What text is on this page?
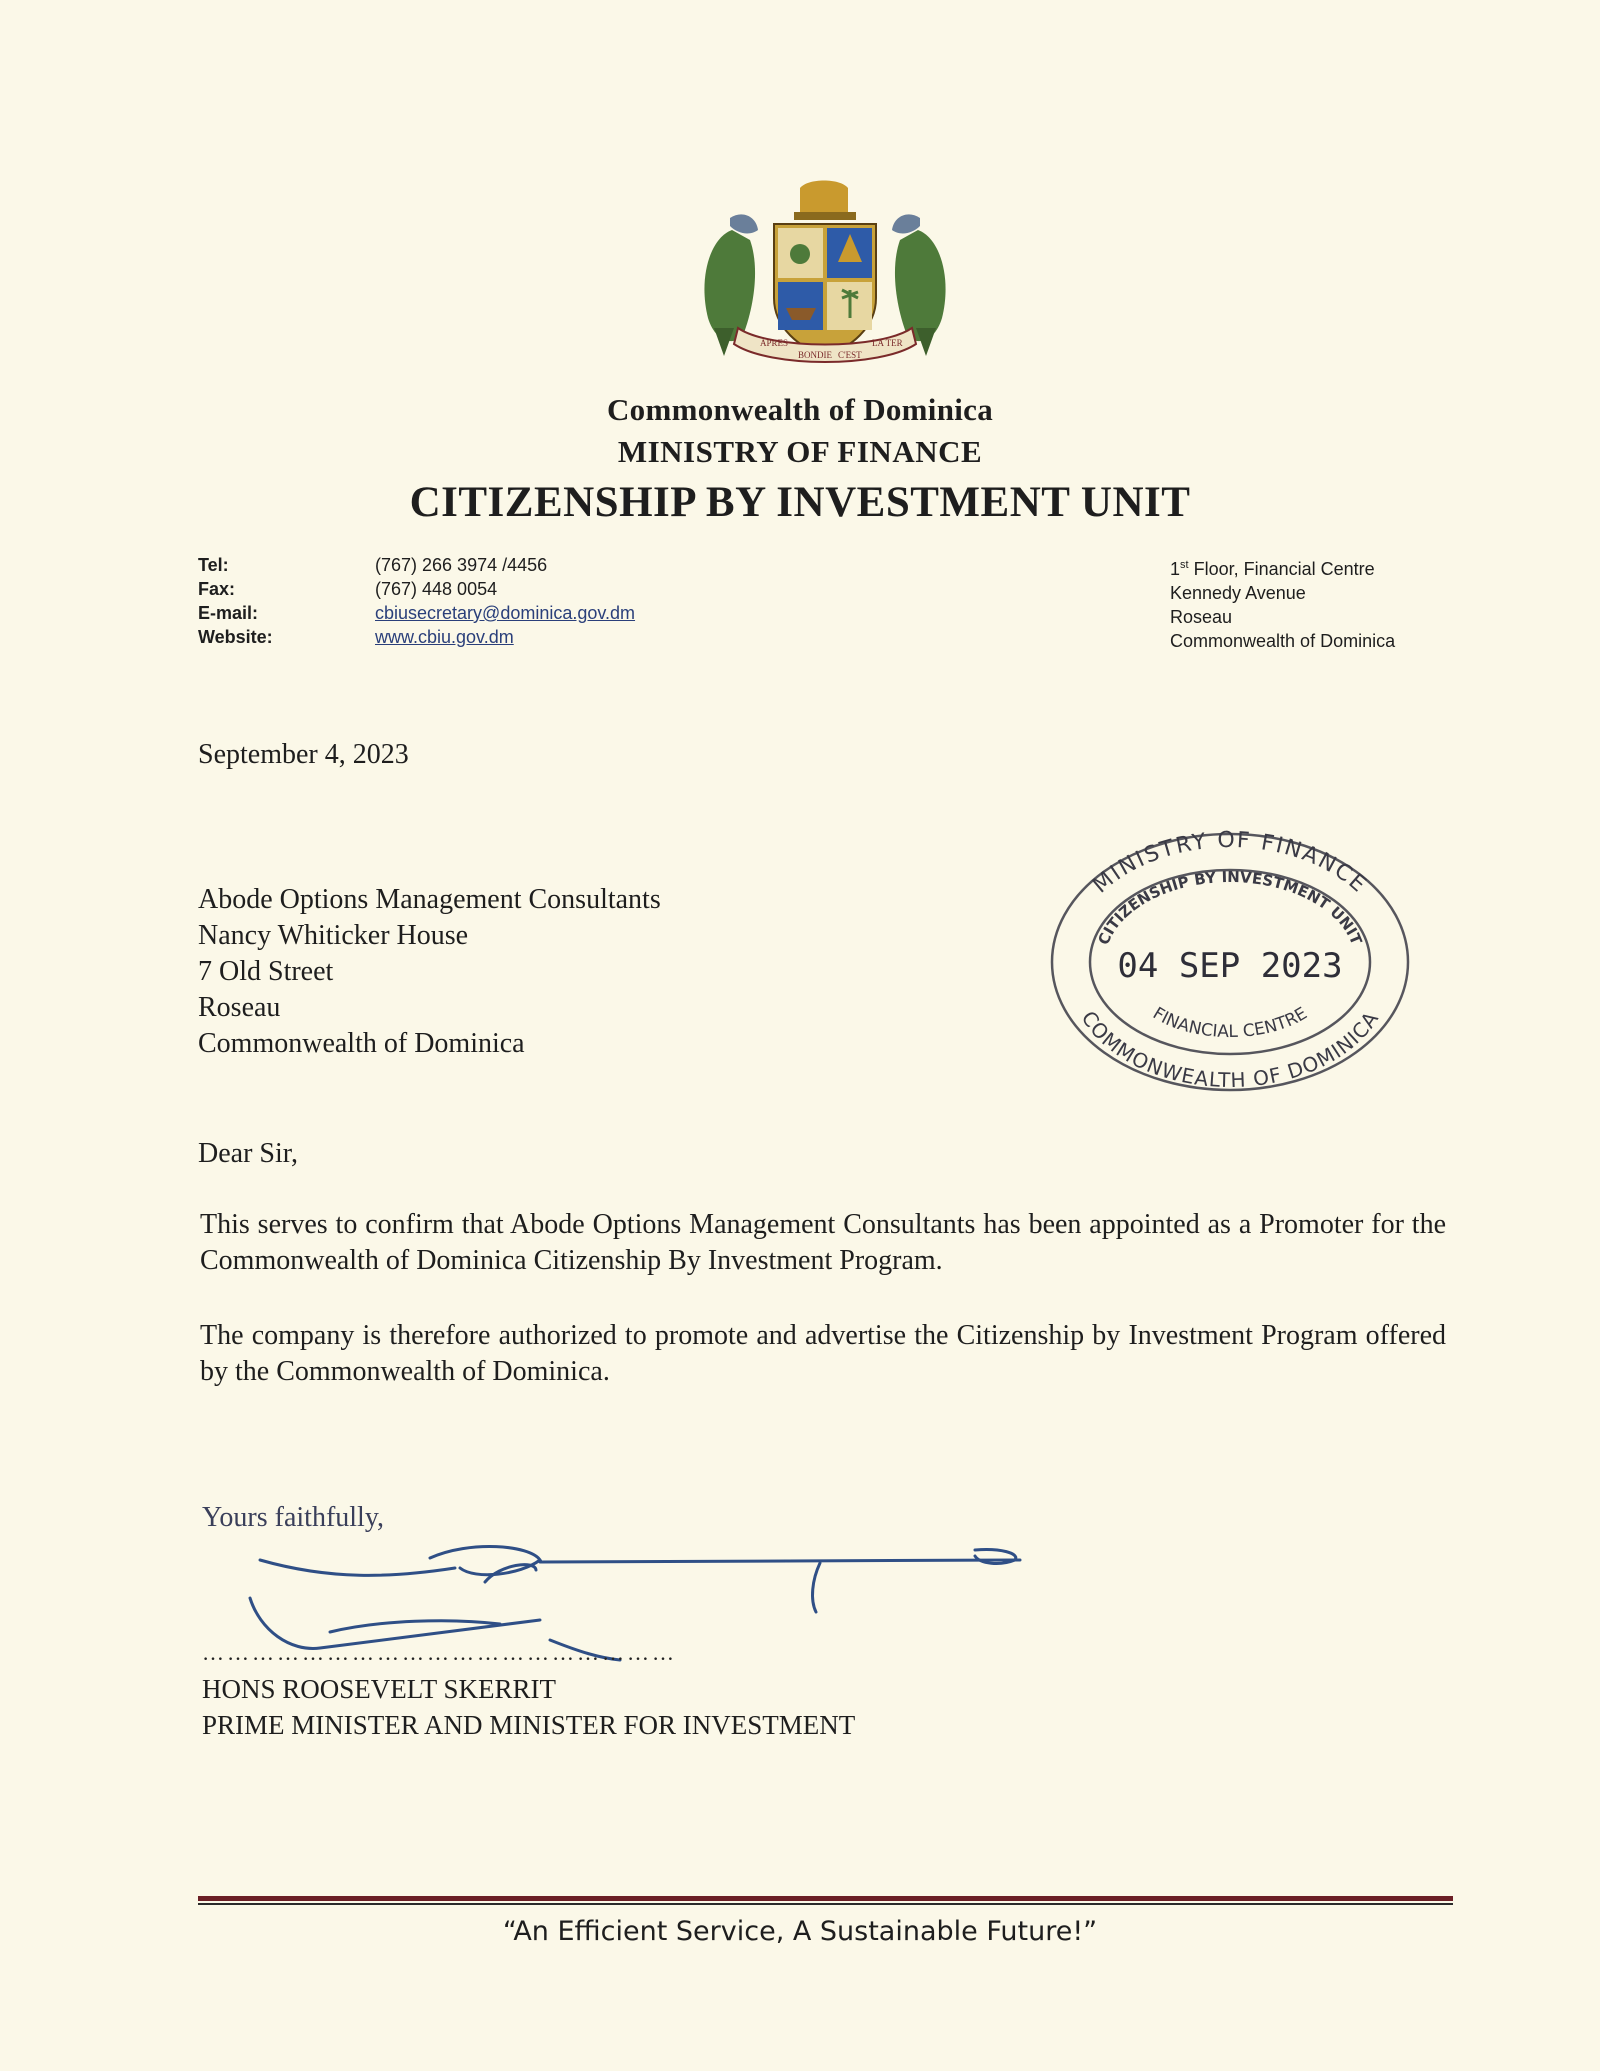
APRES
BONDIE C'EST
LA TER
Commonwealth of Dominica
MINISTRY OF FINANCE
CITIZENSHIP BY INVESTMENT UNIT
Tel:
Fax:
E-mail:
Website:
(767) 266 3974 /4456
(767) 448 0054
cbiusecretary@dominica.gov.dm
www.cbiu.gov.dm
1st Floor, Financial Centre
Kennedy Avenue
Roseau
Commonwealth of Dominica
September 4, 2023
Abode Options Management Consultants
Nancy Whiticker House
7 Old Street
Roseau
Commonwealth of Dominica
MINISTRY OF FINANCE
CITIZENSHIP BY INVESTMENT UNIT
04 SEP 2023
FINANCIAL CENTRE
COMMONWEALTH OF DOMINICA
Dear Sir,
This serves to confirm that Abode Options Management Consultants has been appointed as a Promoter for the Commonwealth of Dominica Citizenship By Investment Program.
The company is therefore authorized to promote and advertise the Citizenship by Investment Program offered by the Commonwealth of Dominica.
Yours faithfully,
…………………………………………………
HONS ROOSEVELT SKERRIT
PRIME MINISTER AND MINISTER FOR INVESTMENT
“An Efficient Service, A Sustainable Future!”
